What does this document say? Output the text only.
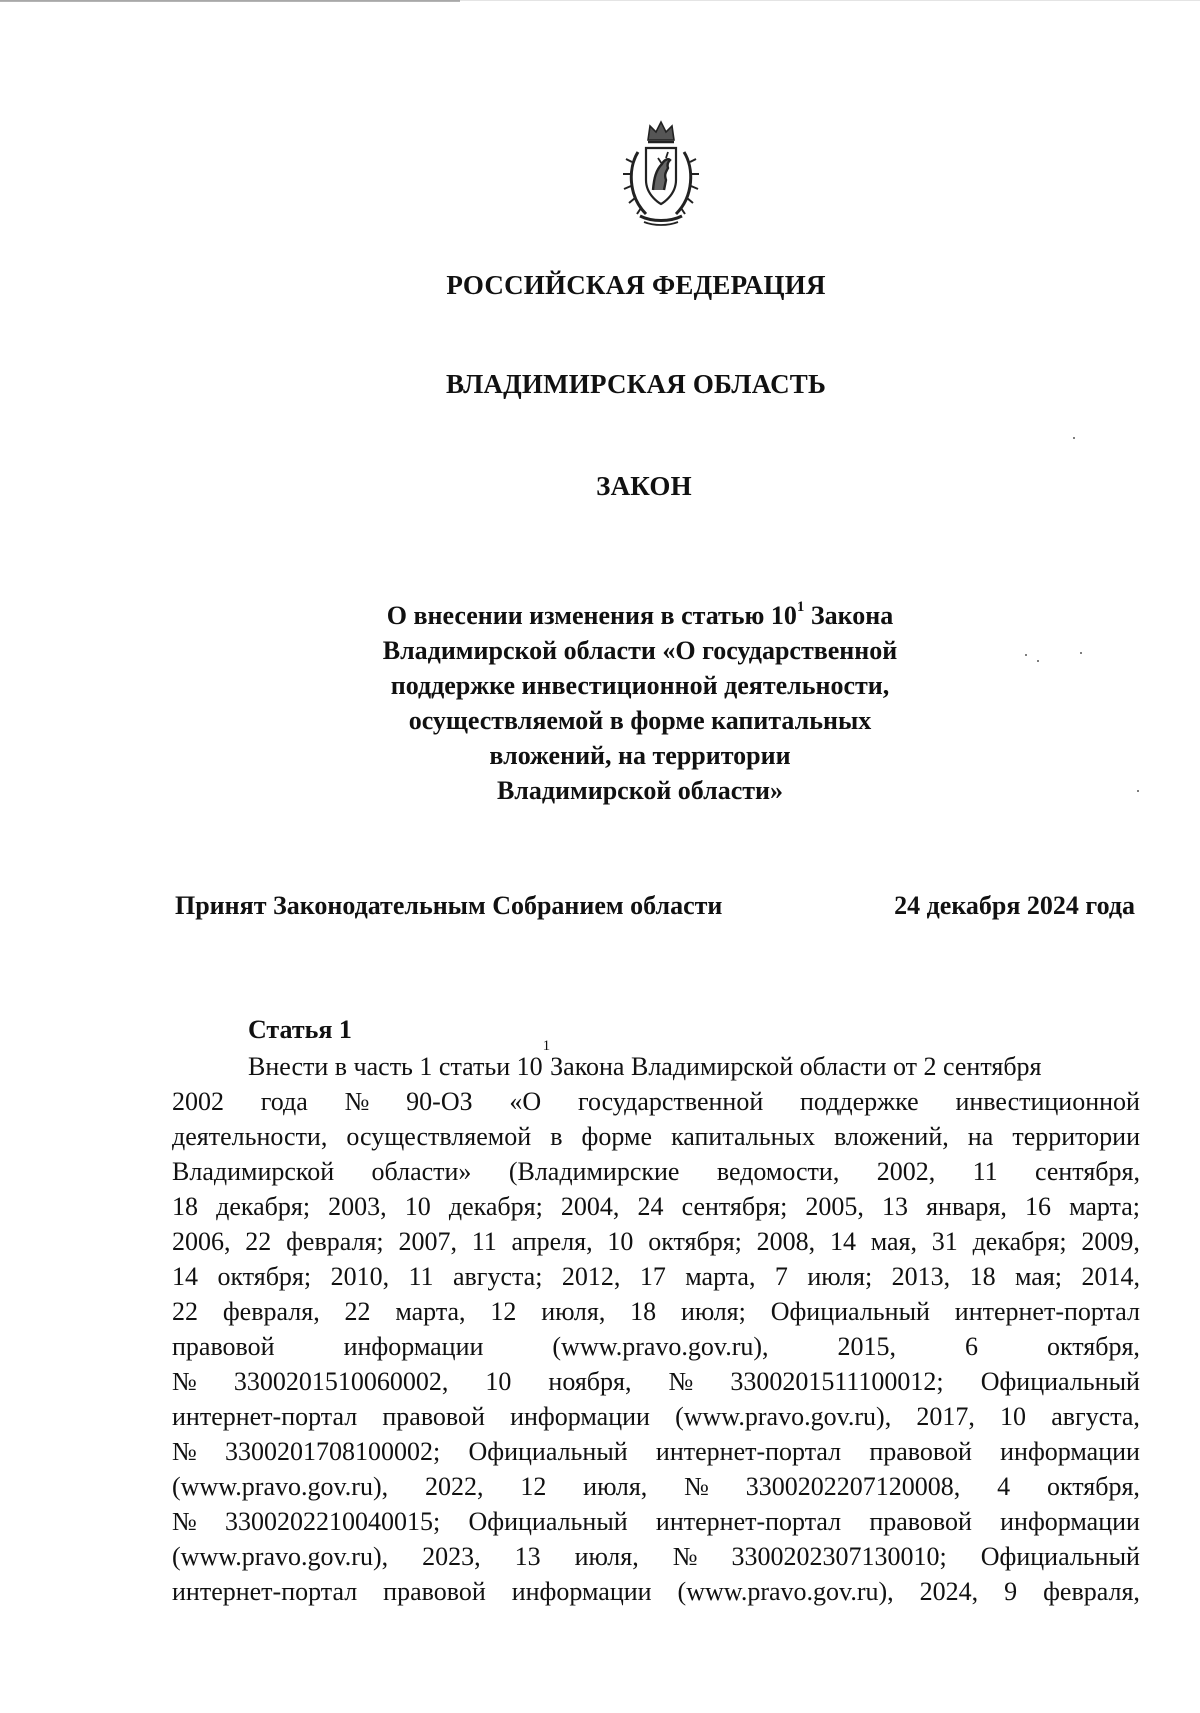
РОССИЙСКАЯ ФЕДЕРАЦИЯ
ВЛАДИМИРСКАЯ ОБЛАСТЬ
ЗАКОН
О внесении изменения в статью $10^1$ Закона
Владимирской области «О государственной
поддержке инвестиционной деятельности,
осуществляемой в форме капитальных
вложений, на территории
Владимирской области»
Принят Законодательным Собранием области	24 декабря 2024 года
Статья 1
Внести в часть 1 статьи 10
$^1$
Закона Владимирской области от 2 сентября
2002 года № 90-ОЗ «О государственной поддержке инвестиционной
деятельности, осуществляемой в форме капитальных вложений, на территории
Владимирской области» (Владимирские ведомости, 2002, 11 сентября,
18 декабря; 2003, 10 декабря; 2004, 24 сентября; 2005, 13 января, 16 марта;
2006, 22 февраля; 2007, 11 апреля, 10 октября; 2008, 14 мая, 31 декабря; 2009,
14 октября; 2010, 11 августа; 2012, 17 марта, 7 июля; 2013, 18 мая; 2014,
22 февраля, 22 марта, 12 июля, 18 июля; Официальный интернет-портал
правовой	информации	(www.pravo.gov.ru),	2015,	6	октября,
№ 3300201510060002, 10 ноября, № 3300201511100012; Официальный
интернет-портал правовой информации (www.pravo.gov.ru), 2017, 10 августа,
№ 3300201708100002; Официальный интернет-портал правовой информации
(www.pravo.gov.ru), 2022, 12 июля, № 3300202207120008, 4 октября,
№ 3300202210040015; Официальный интернет-портал правовой информации
(www.pravo.gov.ru), 2023, 13 июля, № 3300202307130010; Официальный
интернет-портал правовой информации (www.pravo.gov.ru), 2024, 9 февраля,
